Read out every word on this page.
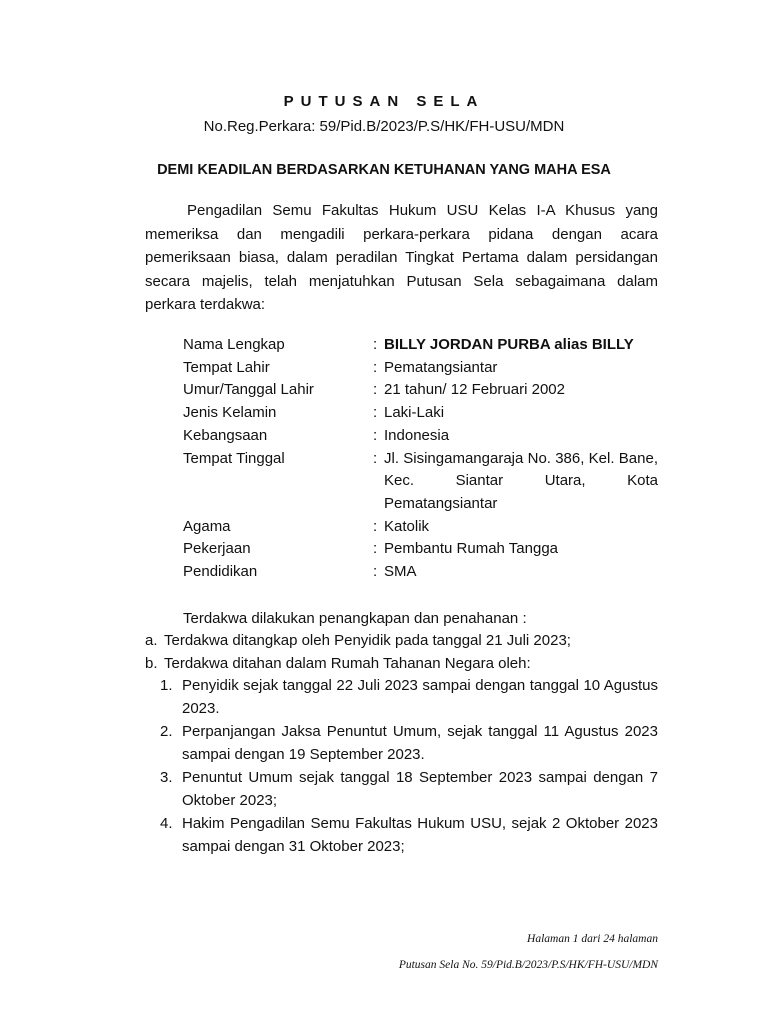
PUTUSAN SELA
No.Reg.Perkara: 59/Pid.B/2023/P.S/HK/FH-USU/MDN
DEMI KEADILAN BERDASARKAN KETUHANAN YANG MAHA ESA

Pengadilan Semu Fakultas Hukum USU Kelas I-A Khusus yang memeriksa dan mengadili perkara-perkara pidana dengan acara pemeriksaan biasa, dalam peradilan Tingkat Pertama dalam persidangan secara majelis, telah menjatuhkan Putusan Sela sebagaimana dalam perkara terdakwa:

Nama Lengkap	: BILLY JORDAN PURBA alias BILLY
Tempat Lahir	: Pematangsiantar
Umur/Tanggal Lahir	: 21 tahun/ 12 Februari 2002
Jenis Kelamin	: Laki-Laki
Kebangsaan	: Indonesia
Tempat Tinggal	: Jl. Sisingamangaraja No. 386, Kel. Bane, Kec. Siantar Utara, Kota Pematangsiantar
Agama	: Katolik
Pekerjaan	: Pembantu Rumah Tangga
Pendidikan	: SMA
Terdakwa dilakukan penangkapan dan penahanan :
a. Terdakwa ditangkap oleh Penyidik pada tanggal 21 Juli 2023;
b. Terdakwa ditahan dalam Rumah Tahanan Negara oleh:
1. Penyidik sejak tanggal 22 Juli 2023 sampai dengan tanggal 10 Agustus 2023.
2. Perpanjangan Jaksa Penuntut Umum, sejak tanggal 11 Agustus 2023 sampai dengan 19 September 2023.
3. Penuntut Umum sejak tanggal 18 September 2023 sampai dengan 7 Oktober 2023;
4. Hakim Pengadilan Semu Fakultas Hukum USU, sejak 2 Oktober 2023 sampai dengan 31 Oktober 2023;
Halaman 1 dari 24 halaman
Putusan Sela No. 59/Pid.B/2023/P.S/HK/FH-USU/MDN
